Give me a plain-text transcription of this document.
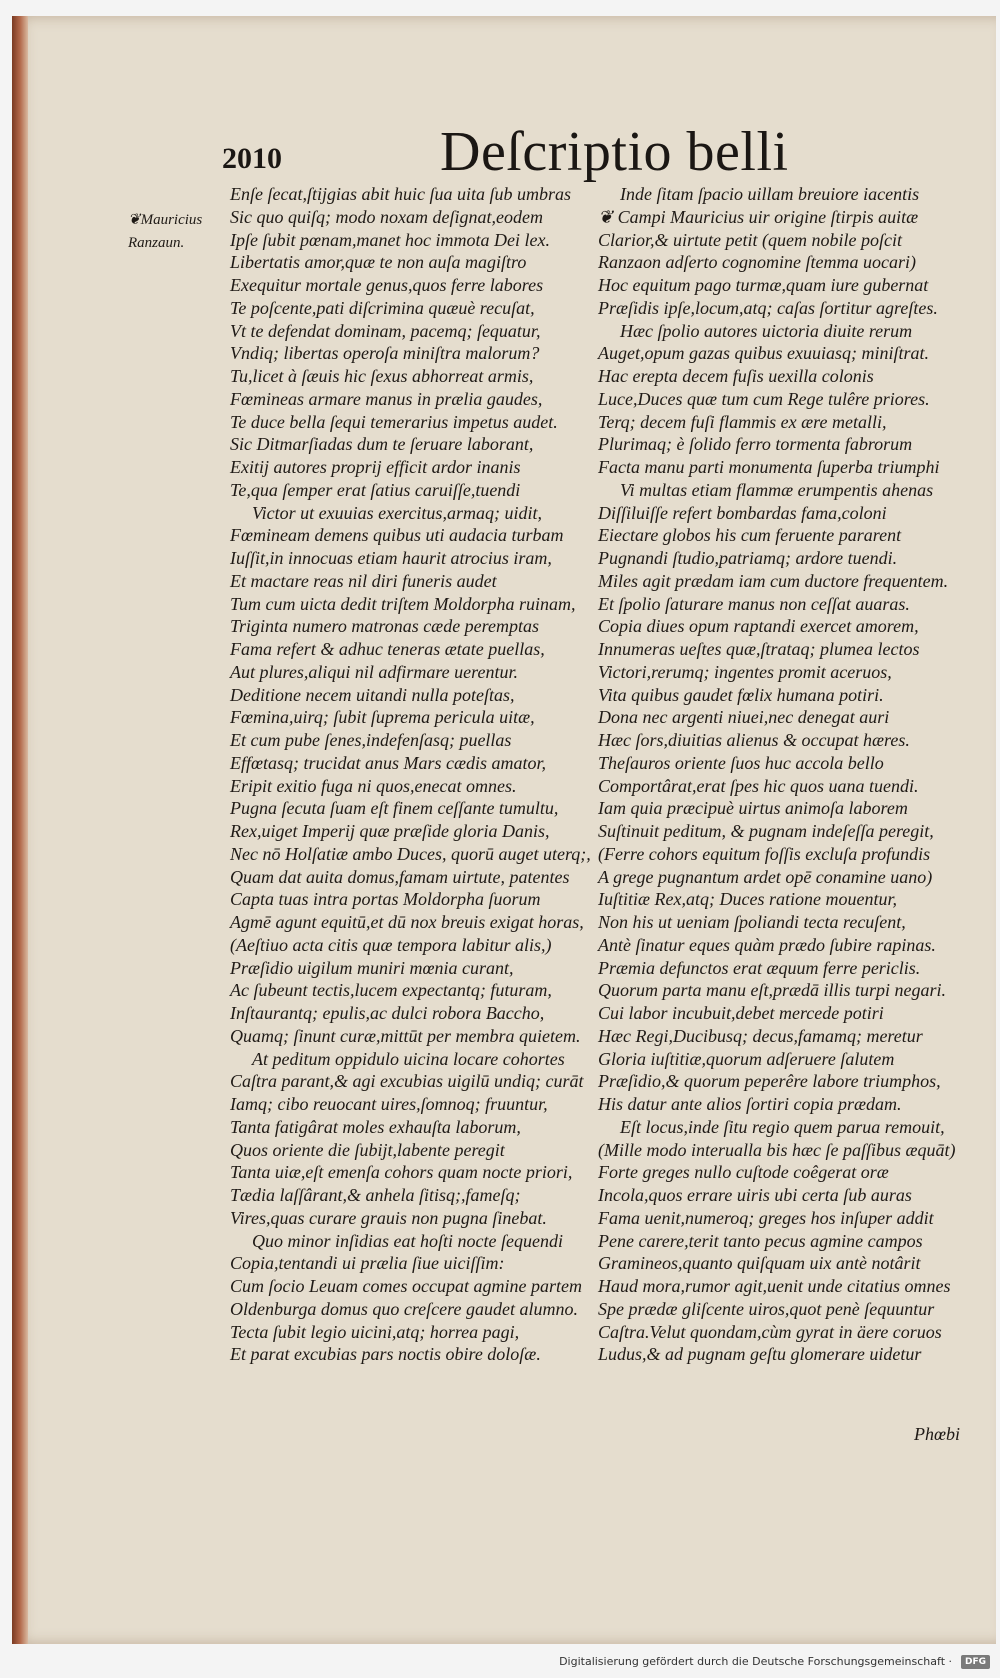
2010	Deſcriptio belli
❦Mauricius
Ranzaun.
Enſe ſecat,ſtijgias abit huic ſua uita ſub umbras
Sic quo quiſq; modo noxam deſignat,eodem
Ipſe ſubit pœnam,manet hoc immota Dei lex.
Libertatis amor,quæ te non auſa magiſtro
Exequitur mortale genus,quos ferre labores
Te poſcente,pati diſcrimina quæuè recuſat,
Vt te defendat dominam, pacemq; ſequatur,
Vndiq; libertas operoſa miniſtra malorum?
Tu,licet à ſæuis hic ſexus abhorreat armis,
Fœmineas armare manus in prælia gaudes,
Te duce bella ſequi temerarius impetus audet.
Sic Ditmarſiadas dum te ſeruare laborant,
Exitij autores proprij efficit ardor inanis
Te,qua ſemper erat ſatius caruiſſe,tuendi
Victor ut exuuias exercitus,armaq; uidit,
Fœmineam demens quibus uti audacia turbam
Iuſſit,in innocuas etiam haurit atrocius iram,
Et mactare reas nil diri funeris audet
Tum cum uicta dedit triſtem Moldorpha ruinam,
Triginta numero matronas cæde peremptas
Fama refert & adhuc teneras ætate puellas,
Aut plures,aliqui nil adfirmare uerentur.
Deditione necem uitandi nulla poteſtas,
Fœmina,uirq; ſubit ſuprema pericula uitæ,
Et cum pube ſenes,indefenſasq; puellas
Effœtasq; trucidat anus Mars cædis amator,
Eripit exitio fuga ni quos,enecat omnes.
Pugna ſecuta ſuam eſt finem ceſſante tumultu,
Rex,uiget Imperij quæ præſide gloria Danis,
Nec nō Holſatiæ ambo Duces, quorū auget uterq;,
Quam dat auita domus,famam uirtute, patentes
Capta tuas intra portas Moldorpha ſuorum
Agmē agunt equitū,et dū nox breuis exigat horas,
(Aeſtiuo acta citis quæ tempora labitur alis,)
Præſidio uigilum muniri mœnia curant,
Ac ſubeunt tectis,lucem expectantq; futuram,
Inſtaurantq; epulis,ac dulci robora Baccho,
Quamq; ſinunt curæ,mittūt per membra quietem.
At peditum oppidulo uicina locare cohortes
Caſtra parant,& agi excubias uigilū undiq; curāt
Iamq; cibo reuocant uires,ſomnoq; fruuntur,
Tanta fatigârat moles exhauſta laborum,
Quos oriente die ſubijt,labente peregit
Tanta uiæ,eſt emenſa cohors quam nocte priori,
Tædia laſſârant,& anhela ſitisq;,fameſq;
Vires,quas curare grauis non pugna ſinebat.
Quo minor inſidias eat hoſti nocte ſequendi
Copia,tentandi ui prælia ſiue uiciſſim:
Cum ſocio Leuam comes occupat agmine partem
Oldenburga domus quo creſcere gaudet alumno.
Tecta ſubit legio uicini,atq; horrea pagi,
Et parat excubias pars noctis obire doloſæ.
Inde ſitam ſpacio uillam breuiore iacentis
❦ Campi Mauricius uir origine ſtirpis auitæ
Clarior,& uirtute petit (quem nobile poſcit
Ranzaon adſerto cognomine ſtemma uocari)
Hoc equitum pago turmæ,quam iure gubernat
Præſidis ipſe,locum,atq; caſas ſortitur agreſtes.
Hæc ſpolio autores uictoria diuite rerum
Auget,opum gazas quibus exuuiasq; miniſtrat.
Hac erepta decem fuſis uexilla colonis
Luce,Duces quæ tum cum Rege tulêre priores.
Terq; decem fuſi flammis ex ære metalli,
Plurimaq; è ſolido ferro tormenta fabrorum
Facta manu parti monumenta ſuperba triumphi
Vi multas etiam flammæ erumpentis ahenas
Diſſiluiſſe refert bombardas fama,coloni
Eiectare globos his cum feruente pararent
Pugnandi ſtudio,patriamq; ardore tuendi.
Miles agit prædam iam cum ductore frequentem.
Et ſpolio ſaturare manus non ceſſat auaras.
Copia diues opum raptandi exercet amorem,
Innumeras ueſtes quæ,ſtrataq; plumea lectos
Victori,rerumq; ingentes promit aceruos,
Vita quibus gaudet fœlix humana potiri.
Dona nec argenti niuei,nec denegat auri
Hæc ſors,diuitias alienus & occupat hæres.
Theſauros oriente ſuos huc accola bello
Comportârat,erat ſpes hic quos uana tuendi.
Iam quia præcipuè uirtus animoſa laborem
Suſtinuit peditum, & pugnam indeſeſſa peregit,
(Ferre cohors equitum foſſis excluſa profundis
A grege pugnantum ardet opē conamine uano)
Iuſtitiæ Rex,atq; Duces ratione mouentur,
Non his ut ueniam ſpoliandi tecta recuſent,
Antè ſinatur eques quàm prædo ſubire rapinas.
Præmia defunctos erat æquum ferre periclis.
Quorum parta manu eſt,prædā illis turpi negari.
Cui labor incubuit,debet mercede potiri
Hæc Regi,Ducibusq; decus,famamq; meretur
Gloria iuſtitiæ,quorum adſeruere ſalutem
Præſidio,& quorum peperêre labore triumphos,
His datur ante alios ſortiri copia prædam.
Eſt locus,inde ſitu regio quem parua remouit,
(Mille modo interualla bis hæc ſe paſſibus æquāt)
Forte greges nullo cuſtode coêgerat oræ
Incola,quos errare uiris ubi certa ſub auras
Fama uenit,numeroq; greges hos inſuper addit
Pene carere,terit tanto pecus agmine campos
Gramineos,quanto quiſquam uix antè notârit
Haud mora,rumor agit,uenit unde citatius omnes
Spe prædæ gliſcente uiros,quot penè ſequuntur
Caſtra.Velut quondam,cùm gyrat in äere coruos
Ludus,& ad pugnam geſtu glomerare uidetur
Phœbi
Digitalisierung gefördert durch die Deutsche Forschungsgemeinschaft ·	DFG
